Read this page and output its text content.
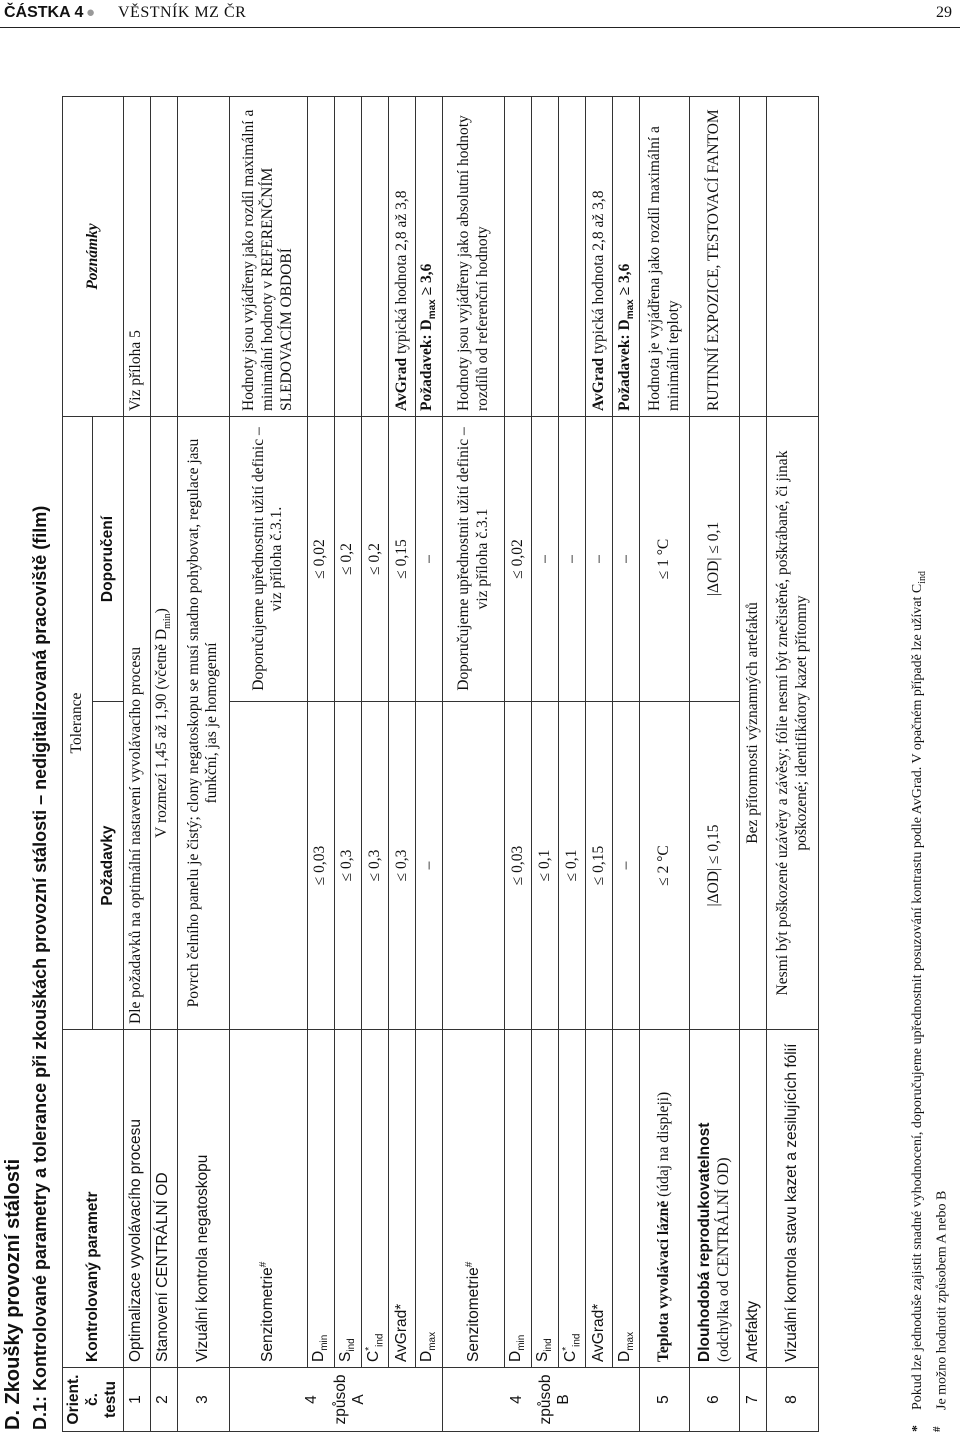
ČÁSTKA 4 ● VĚSTNÍK MZ ČR	29
D. Zkoušky provozní stálosti D.1: Kontrolované parametry a tolerance při zkouškách provozní stálosti – nedigitalizovaná pracoviště (film) Orient. č. testu	Kontrolovaný parametr	Tolerance		Poznámky
		Požadavky	Doporučení	
1	Optimalizace vyvolávacího procesu	Dle požadavků na optimální nastavení vyvolávacího procesu		Viz příloha 5
2	Stanovení CENTRÁLNÍ OD	V rozmezí 1,45 až 1,90 (včetně $D_{min}$)		
3	Vizuální kontrola negatoskopu	Povrch čelního panelu je čistý; clony negatoskopu se musí snadno pohybovat, regulace jasu funkční, jas je homogenní		

4 způsob A	Senzitometrie#		Doporučujeme upřednostnit užití definic – viz příloha č.3.1.	Hodnoty jsou vyjádřeny jako rozdíl maximální a minimální hodnoty v REFERENČNÍM SLEDOVACÍM OBDOBÍ
	$D_{min}$	≤ 0,03	≤ 0,02	
	$S_{ind}$	≤ 0,3	≤ 0,2	
	$C^*_{ind}$	≤ 0,3	≤ 0,2	
	AvGrad*	≤ 0,3	≤ 0,15	AvGrad typická hodnota 2,8 až 3,8
	$D_{max}$	–	–	Požadavek: $D_{max} \ge 3,6$

4 způsob B	Senzitometrie#		Doporučujeme upřednostnit užití definic – viz příloha č.3.1	Hodnoty jsou vyjádřeny jako absolutní hodnoty rozdílů od referenční hodnoty
	$D_{min}$	≤ 0,03	≤ 0,02	
	$S_{ind}$	≤ 0,1	–	
	$C^*_{ind}$	≤ 0,1	–	
	AvGrad*	≤ 0,15	–	AvGrad typická hodnota 2,8 až 3,8
	$D_{max}$	–	–	Požadavek: $D_{max} \ge 3,6$
5	Teplota vyvolávací lázně (údaj na displeji)	≤ 2 °C	≤ 1 °C	Hodnota je vyjádřena jako rozdíl maximální a minimální teploty
6	Dlouhodobá reprodukovatelnost (odchylka od CENTRÁLNÍ OD)	|ΔOD| ≤ 0,15	|ΔOD| ≤ 0,1	RUTINNÍ EXPOZICE, TESTOVACÍ FANTOM
7	Artefakty	Bez přítomnosti významných artefaktů		
8	Vizuální kontrola stavu kazet a zesilujících fólií	Nesmí být poškozené uzávěry a závěsy; fólie nesmí být znečistěné, poškrábané, či jinak poškozené; identifikátory kazet přítomny		
*Pokud lze jednoduše zajistit snadné vyhodnocení, doporučujeme upřednostnit posuzování kontrastu podle AvGrad. V opačném případě lze užívat $C_{ind}$
#Je možno hodnotit způsobem A nebo B
